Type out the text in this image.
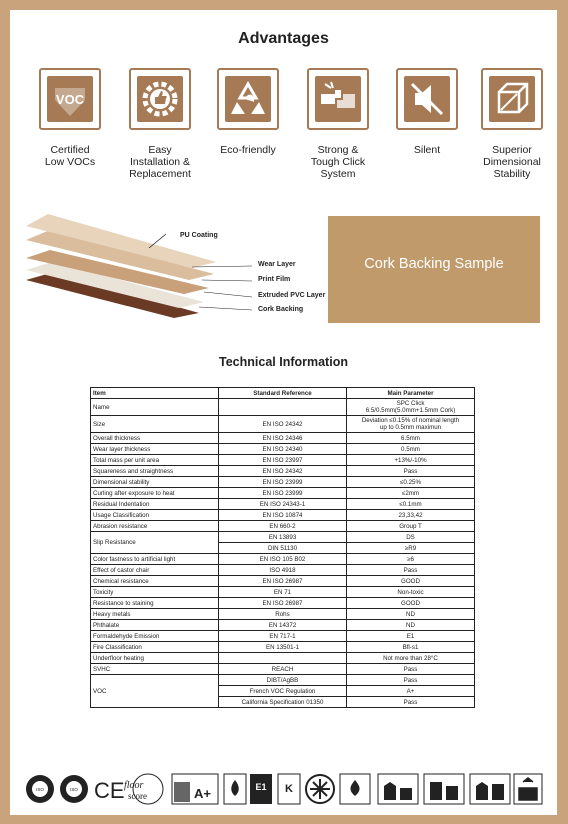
Advantages
VOC
Certified
Low VOCs
Easy
Installation &
Replacement
Eco-friendly	Strong &
Tough Click
System
Silent	Superior
Dimensional
Stability
PU Coating
Wear Layer
Print Film
Extruded PVC Layer
Cork Backing
Cork Backing Sample
Technical Information
Item	Standard Reference	Main Parameter
Name		SPC Click
6.5/0.5mm(5.0mm+1.5mm Cork)
Size	EN ISO 24342	Deviation ≤0.15% of nominal length
up to 0.5mm maximun
Overall thickness	EN ISO 24346	6.5mm
Wear layer thickness	EN ISO 24340	0.5mm
Total mass per unit area	EN ISO 23997	+13%/-10%
Squareness and straightness	EN ISO 24342	Pass
Dimensional stability	EN ISO 23999	≤0.25%
Curling after exposure to heat	EN ISO 23999	≤2mm
Residual Indentation	EN ISO 24343-1	≤0.1mm
Usage Classification	EN ISO 10874	23,33,42
Abrasion resistance	EN 660-2	Group T
Slip Resistance	EN 13893	DS
	DIN 51130	≥R9
Color fastness to artificial light	EN ISO 105 B02	≥6
Effect of castor chair	ISO 4918	Pass
Chemical resistance	EN ISO 26987	GOOD
Toxicity	EN 71	Non-toxic
Resistance to staining	EN ISO 26987	GOOD
Heavy metals	Rohs	ND
Phthalate	EN 14372	ND
Formaldehyde Emission	EN 717-1	E1
Fire Classification	EN 13501-1	Bfl-s1
Underfloor heating		Not more than 28°C
SVHC	REACH	Pass
VOC	DIBT/AgBB	Pass
	French VOC Regulation	A+
	California Specification 01350	Pass
ISO	ISO CE floor
score	A+	E1 K
